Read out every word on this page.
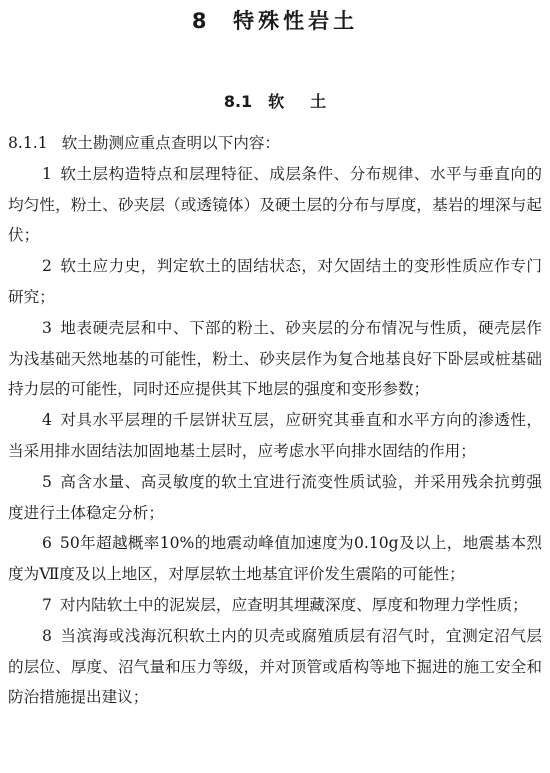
8 特殊性岩土
8.1 软 土

8.1.1 软土勘测应重点查明以下内容：

1 软土层构造特点和层理特征、成层条件、分布规律、水平与垂直向的均匀性，粉土、砂夹层（或透镜体）及硬土层的分布与厚度，基岩的埋深与起伏；

2 软土应力史，判定软土的固结状态，对欠固结土的变形性质应作专门研究；

3 地表硬壳层和中、下部的粉土、砂夹层的分布情况与性质，硬壳层作为浅基础天然地基的可能性，粉土、砂夹层作为复合地基良好下卧层或桩基础持力层的可能性，同时还应提供其下地层的强度和变形参数；

4 对具水平层理的千层饼状互层，应研究其垂直和水平方向的渗透性，当采用排水固结法加固地基土层时，应考虑水平向排水固结的作用；

5 高含水量、高灵敏度的软土宜进行流变性质试验，并采用残余抗剪强度进行土体稳定分析；

6 50年超越概率10%的地震动峰值加速度为0.10g及以上，地震基本烈度为Ⅶ度及以上地区，对厚层软土地基宜评价发生震陷的可能性；

7 对内陆软土中的泥炭层，应查明其埋藏深度、厚度和物理力学性质；

8 当滨海或浅海沉积软土内的贝壳或腐殖质层有沼气时，宜测定沼气层的层位、厚度、沼气量和压力等级，并对顶管或盾构等地下掘进的施工安全和防治措施提出建议；
